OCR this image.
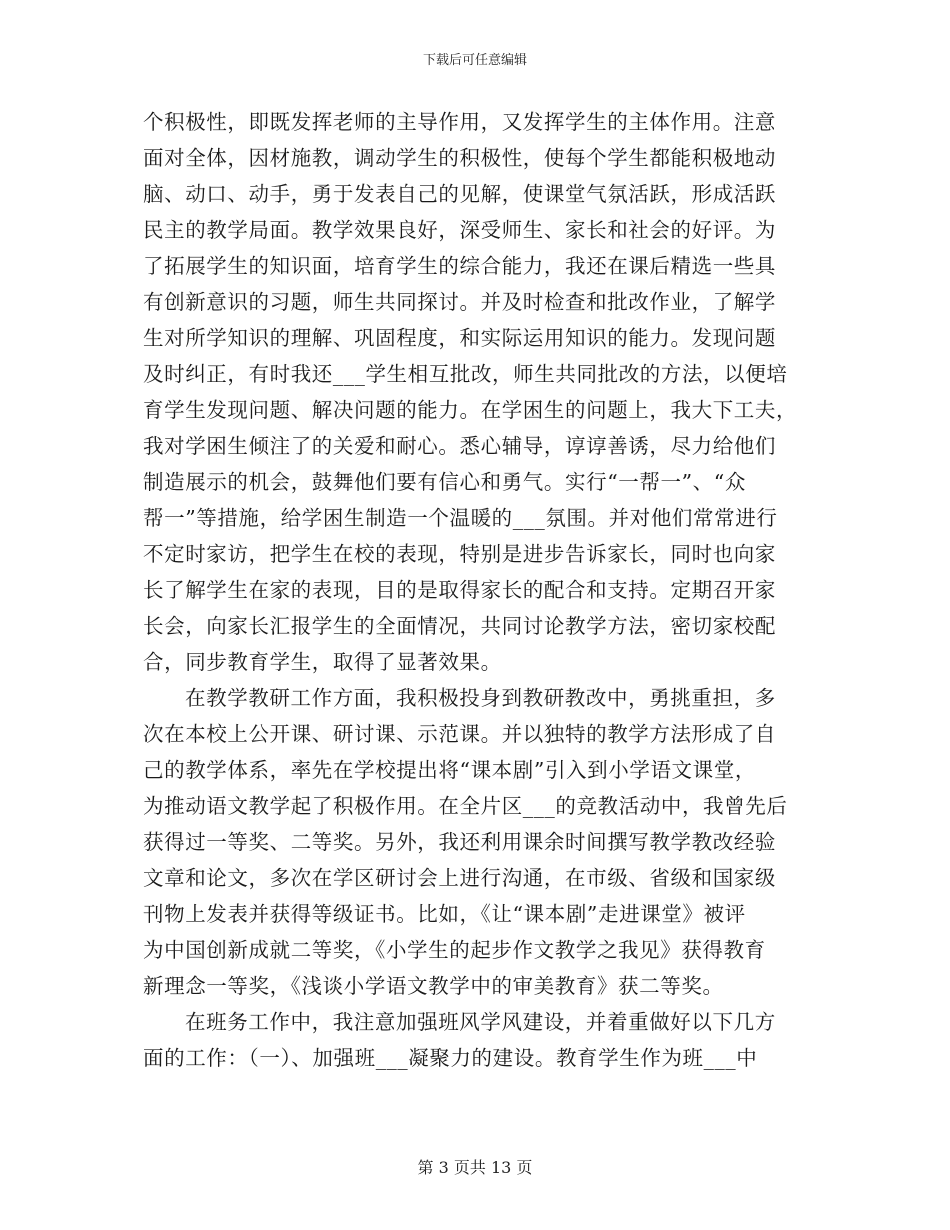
下载后可任意编辑
个积极性，即既发挥老师的主导作用，又发挥学生的主体作用。注意
面对全体，因材施教，调动学生的积极性，使每个学生都能积极地动
脑、动口、动手，勇于发表自己的见解，使课堂气氛活跃，形成活跃
民主的教学局面。教学效果良好，深受师生、家长和社会的好评。为
了拓展学生的知识面，培育学生的综合能力，我还在课后精选一些具
有创新意识的习题，师生共同探讨。并及时检查和批改作业，了解学
生对所学知识的理解、巩固程度，和实际运用知识的能力。发现问题
及时纠正，有时我还___学生相互批改，师生共同批改的方法，以便培
育学生发现问题、解决问题的能力。在学困生的问题上，我大下工夫，
我对学困生倾注了的关爱和耐心。悉心辅导，谆谆善诱，尽力给他们
制造展示的机会，鼓舞他们要有信心和勇气。实行“一帮一”、“众
帮一”等措施，给学困生制造一个温暖的___氛围。并对他们常常进行
不定时家访，把学生在校的表现，特别是进步告诉家长，同时也向家
长了解学生在家的表现，目的是取得家长的配合和支持。定期召开家
长会，向家长汇报学生的全面情况，共同讨论教学方法，密切家校配
合，同步教育学生，取得了显著效果。
在教学教研工作方面，我积极投身到教研教改中，勇挑重担，多
次在本校上公开课、研讨课、示范课。并以独特的教学方法形成了自
己的教学体系，率先在学校提出将“课本剧”引入到小学语文课堂，
为推动语文教学起了积极作用。在全片区___的竞教活动中，我曾先后
获得过一等奖、二等奖。另外，我还利用课余时间撰写教学教改经验
文章和论文，多次在学区研讨会上进行沟通，在市级、省级和国家级
刊物上发表并获得等级证书。比如，《让“课本剧”走进课堂》被评
为中国创新成就二等奖，《小学生的起步作文教学之我见》获得教育
新理念一等奖，《浅谈小学语文教学中的审美教育》获二等奖。
在班务工作中，我注意加强班风学风建设，并着重做好以下几方
面的工作：（一）、加强班___凝聚力的建设。教育学生作为班___中
第 3 页共 13 页
